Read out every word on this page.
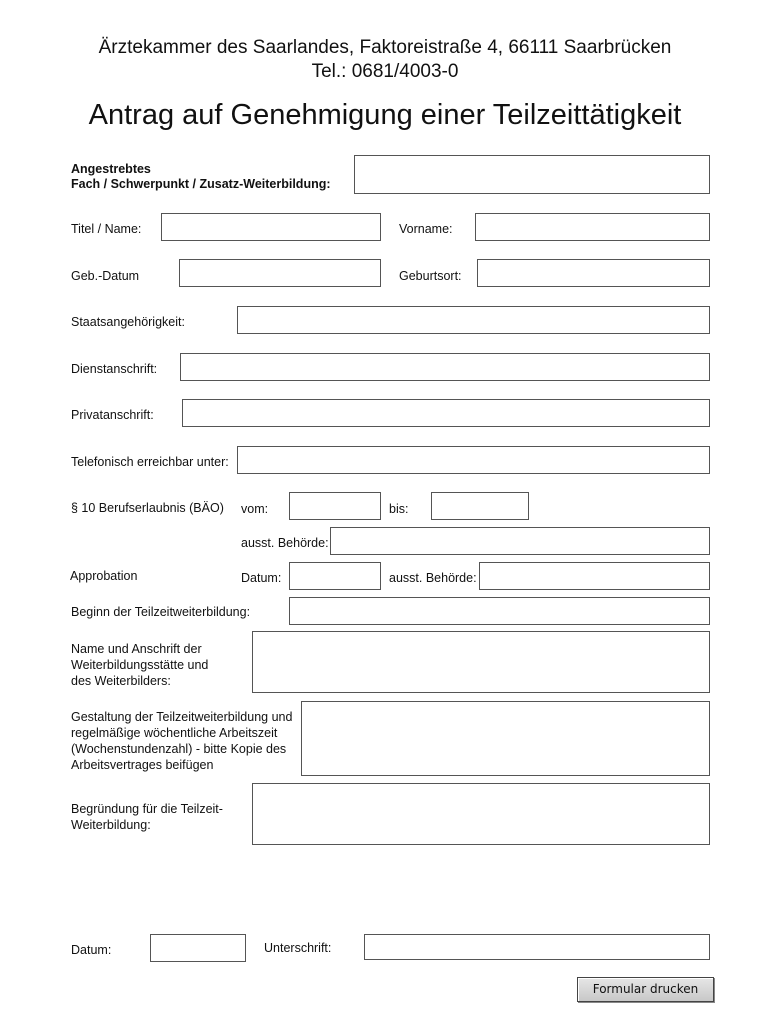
Ärztekammer des Saarlandes, Faktoreistraße 4, 66111 Saarbrücken
Tel.: 0681/4003-0
Antrag auf Genehmigung einer Teilzeittätigkeit
Angestrebtes
Fach / Schwerpunkt / Zusatz-Weiterbildung:
Titel / Name:	Vorname:
Geb.-Datum	Geburtsort:
Staatsangehörigkeit:
Dienstanschrift:
Privatanschrift:
Telefonisch erreichbar unter:
§ 10 Berufserlaubnis (BÄO) vom:	bis:
ausst. Behörde:
Approbation	Datum:	ausst. Behörde:
Beginn der Teilzeitweiterbildung:
Name und Anschrift der Weiterbildungsstätte und des Weiterbilders:
Gestaltung der Teilzeitweiterbildung und regelmäßige wöchentliche Arbeitszeit (Wochenstundenzahl) - bitte Kopie des Arbeitsvertrages beifügen
Begründung für die Teilzeit-Weiterbildung:
Datum:	Unterschrift:
Formular drucken
